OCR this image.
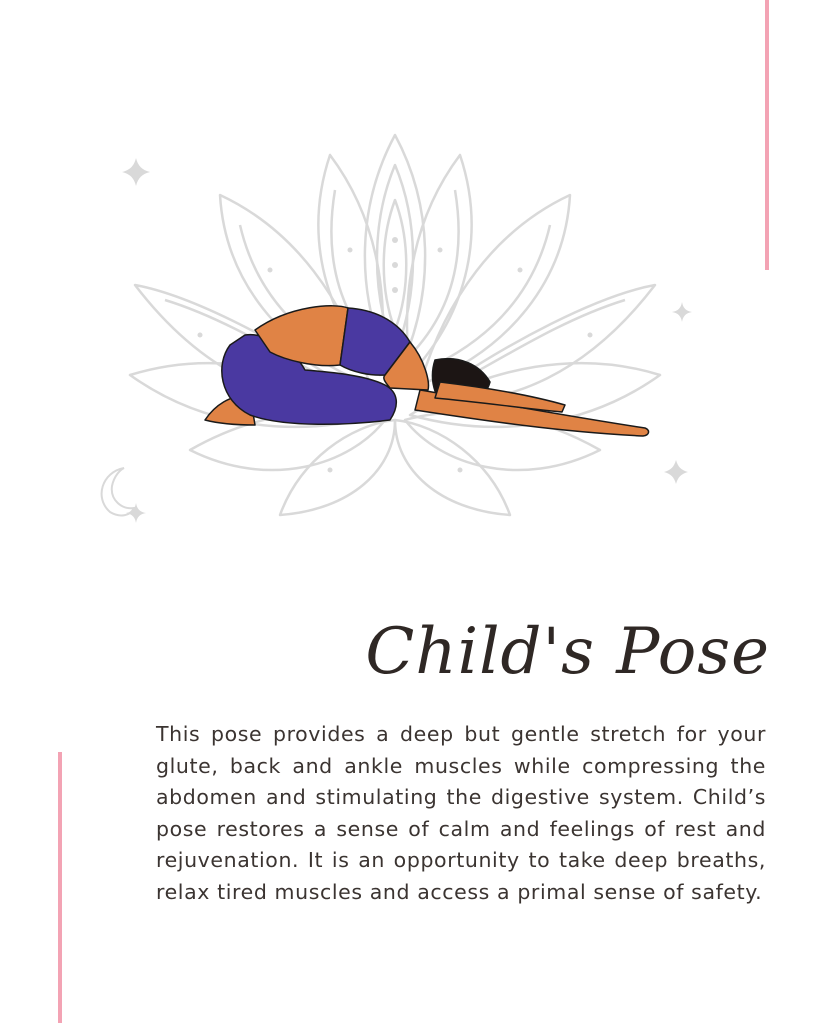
Child's Pose

This pose provides a deep but gentle stretch for your glute, back and ankle muscles while compressing the abdomen and stimulating the digestive system. Child’s pose restores a sense of calm and feelings of rest and rejuvenation. It is an opportunity to take deep breaths, relax tired muscles and access a primal sense of safety.
